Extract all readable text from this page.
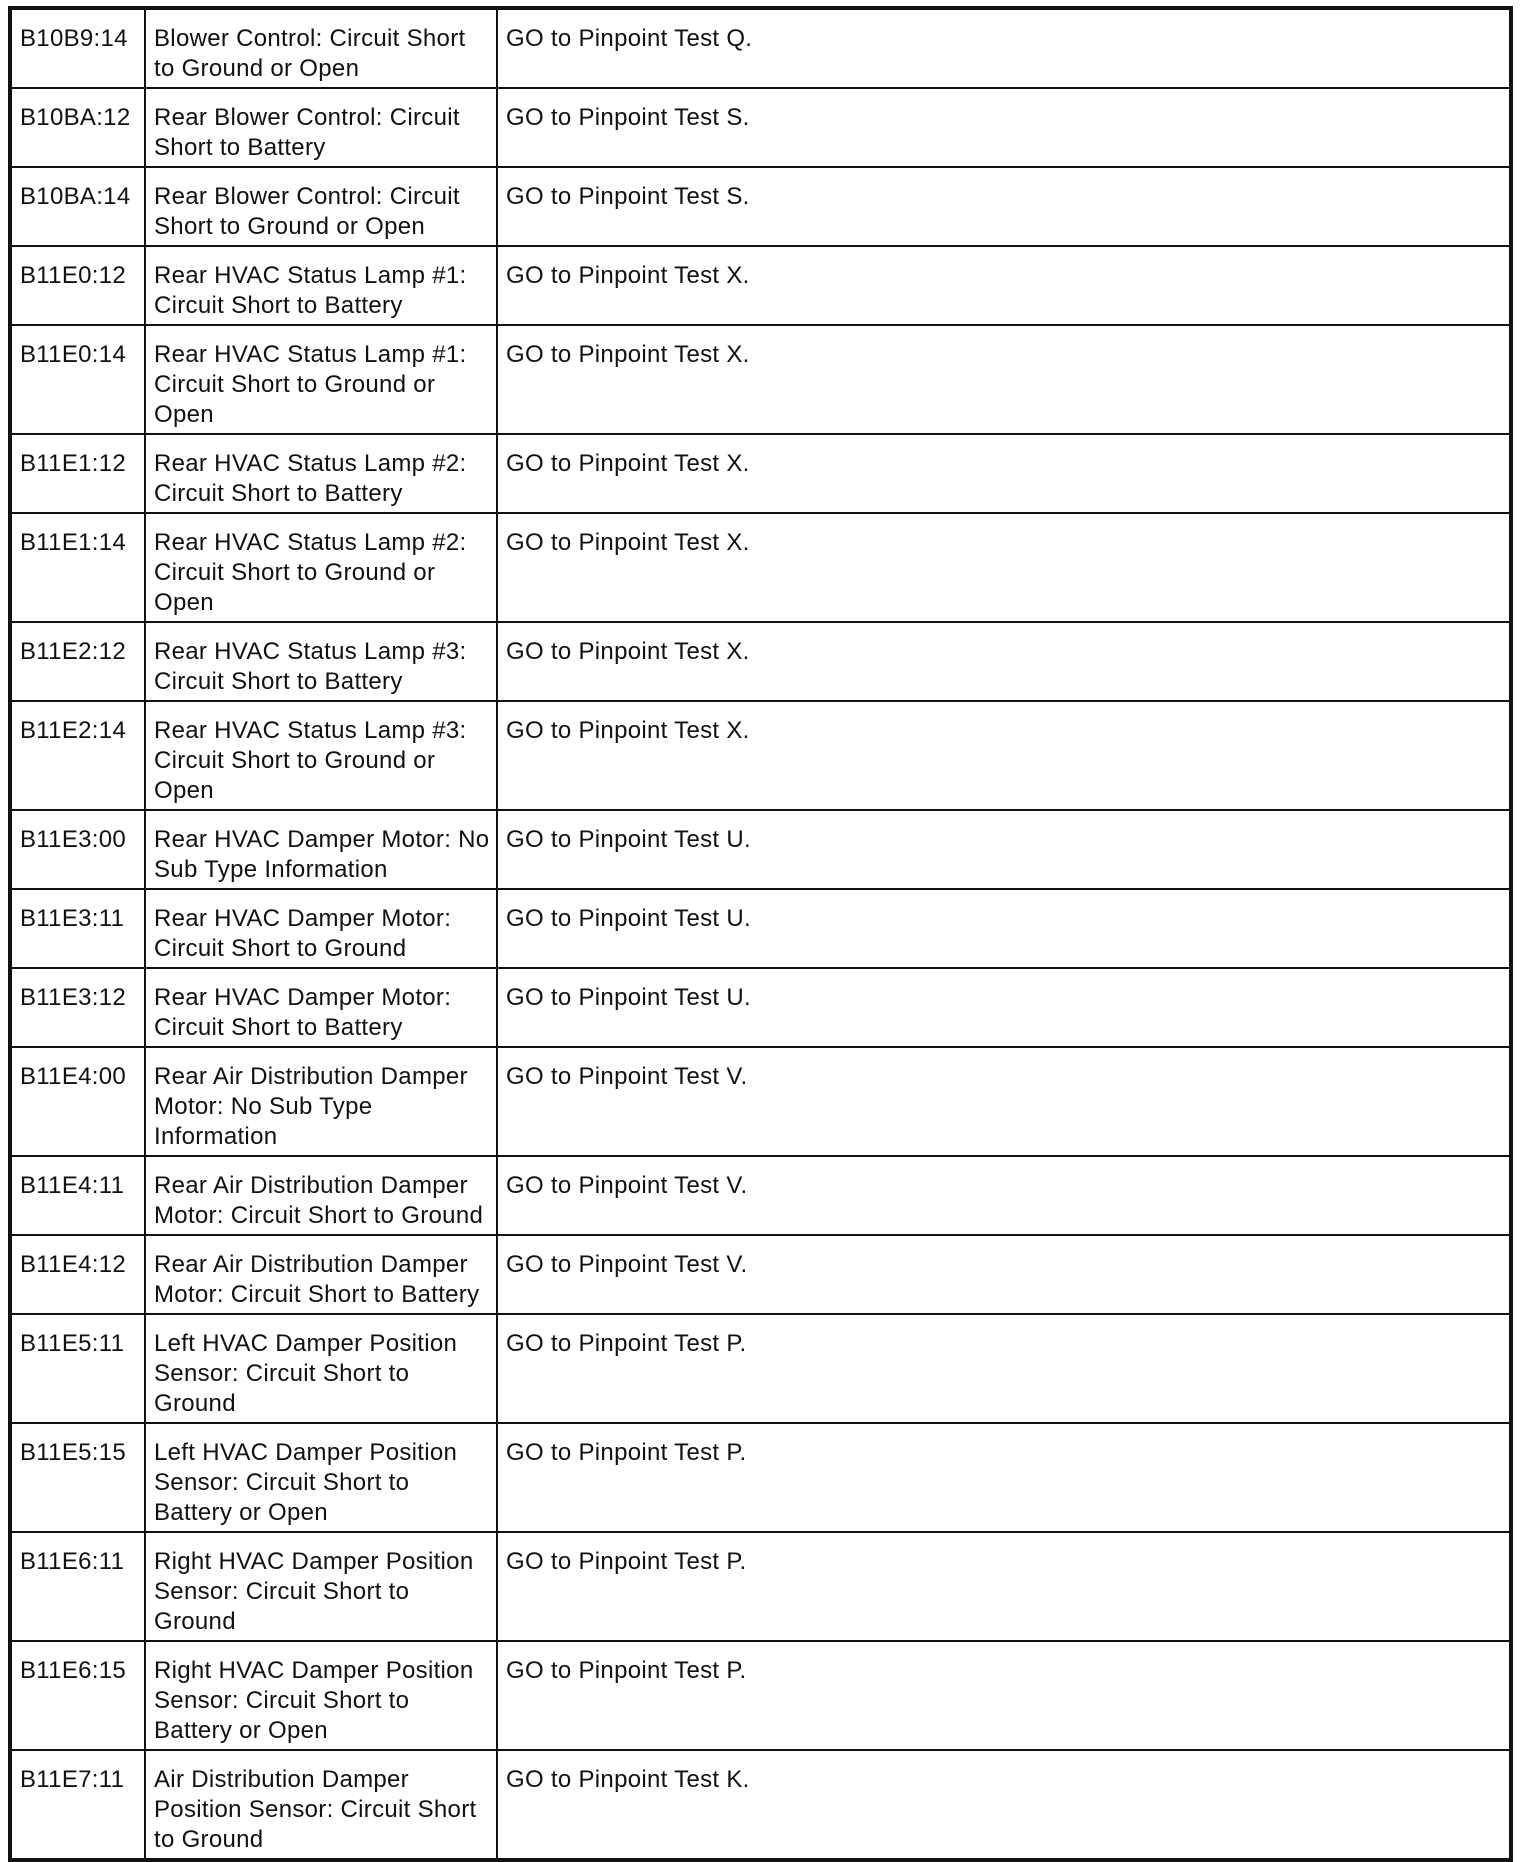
B10B9:14	Blower Control: Circuit Short to Ground or Open	GO to Pinpoint Test Q.
B10BA:12	Rear Blower Control: Circuit Short to Battery	GO to Pinpoint Test S.
B10BA:14	Rear Blower Control: Circuit Short to Ground or Open	GO to Pinpoint Test S.
B11E0:12	Rear HVAC Status Lamp #1: Circuit Short to Battery	GO to Pinpoint Test X.
B11E0:14	Rear HVAC Status Lamp #1: Circuit Short to Ground or Open	GO to Pinpoint Test X.
B11E1:12	Rear HVAC Status Lamp #2: Circuit Short to Battery	GO to Pinpoint Test X.
B11E1:14	Rear HVAC Status Lamp #2: Circuit Short to Ground or Open	GO to Pinpoint Test X.
B11E2:12	Rear HVAC Status Lamp #3: Circuit Short to Battery	GO to Pinpoint Test X.
B11E2:14	Rear HVAC Status Lamp #3: Circuit Short to Ground or Open	GO to Pinpoint Test X.
B11E3:00	Rear HVAC Damper Motor: No Sub Type Information	GO to Pinpoint Test U.
B11E3:11	Rear HVAC Damper Motor: Circuit Short to Ground	GO to Pinpoint Test U.
B11E3:12	Rear HVAC Damper Motor: Circuit Short to Battery	GO to Pinpoint Test U.
B11E4:00	Rear Air Distribution Damper Motor: No Sub Type Information	GO to Pinpoint Test V.
B11E4:11	Rear Air Distribution Damper Motor: Circuit Short to Ground	GO to Pinpoint Test V.
B11E4:12	Rear Air Distribution Damper Motor: Circuit Short to Battery	GO to Pinpoint Test V.
B11E5:11	Left HVAC Damper Position Sensor: Circuit Short to Ground	GO to Pinpoint Test P.
B11E5:15	Left HVAC Damper Position Sensor: Circuit Short to Battery or Open	GO to Pinpoint Test P.
B11E6:11	Right HVAC Damper Position Sensor: Circuit Short to Ground	GO to Pinpoint Test P.
B11E6:15	Right HVAC Damper Position Sensor: Circuit Short to Battery or Open	GO to Pinpoint Test P.
B11E7:11	Air Distribution Damper Position Sensor: Circuit Short to Ground	GO to Pinpoint Test K.
